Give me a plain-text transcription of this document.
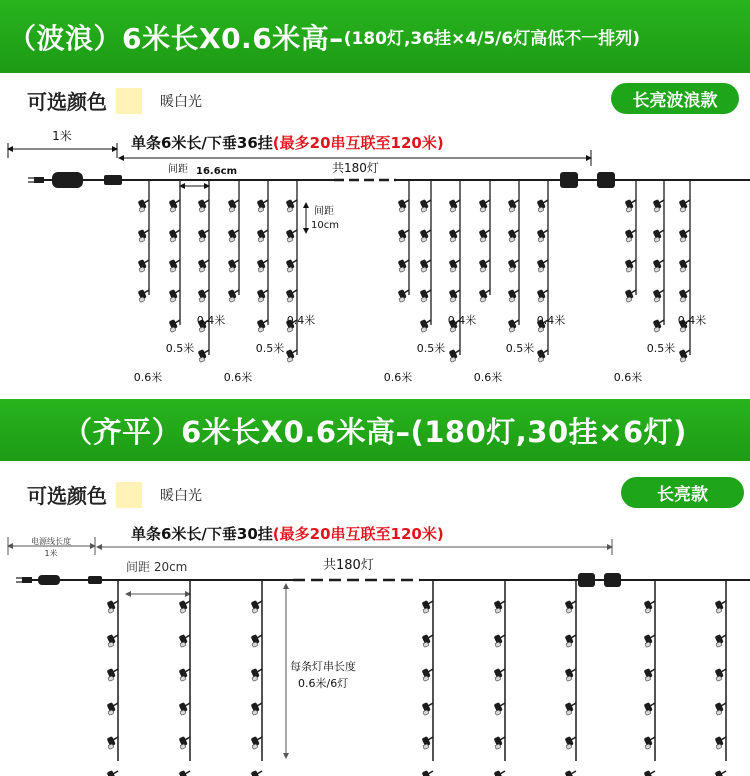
（波浪）6米长X0.6米高– (180灯,36挂×4/5/6灯高低不一排列)
可选颜色	暖白光	长亮波浪款
1米	单条6米长/下垂36挂(最多20串互联至120米)
共180灯
间距 16.6cm
间距
10cm
0.4米
0.5米
0.6米
0.4米
0.5米
0.6米
0.4米
0.5米
0.6米
0.4米
0.5米
0.6米
0.4米
0.5米
0.6米
（齐平）6米长X0.6米高–(180灯,30挂×6灯)
可选颜色	暖白光	长亮款
电源线长度
1米
单条6米长/下垂30挂(最多20串互联至120米)
共180灯
间距 20cm
每条灯串长度
0.6米/6灯
